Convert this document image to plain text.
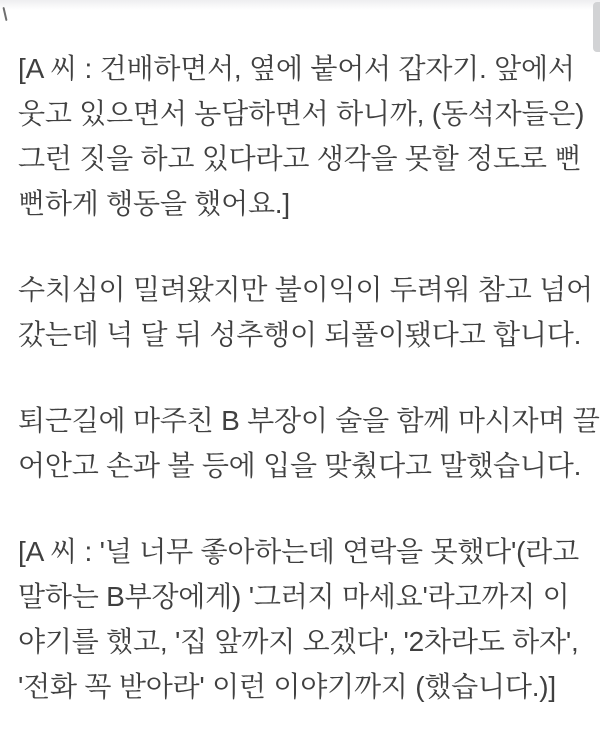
[A 씨 : 건배하면서, 옆에 붙어서 갑자기. 앞에서
웃고 있으면서 농담하면서 하니까, (동석자들은)
그런 짓을 하고 있다라고 생각을 못할 정도로 뻔
뻔하게 행동을 했어요.]

수치심이 밀려왔지만 불이익이 두려워 참고 넘어
갔는데 넉 달 뒤 성추행이 되풀이됐다고 합니다.

퇴근길에 마주친 B 부장이 술을 함께 마시자며 끌
어안고 손과 볼 등에 입을 맞췄다고 말했습니다.

[A 씨 : '널 너무 좋아하는데 연락을 못했다'(라고
말하는 B부장에게) '그러지 마세요'라고까지 이
야기를 했고, '집 앞까지 오겠다', '2차라도 하자',
'전화 꼭 받아라' 이런 이야기까지 (했습니다.)]
